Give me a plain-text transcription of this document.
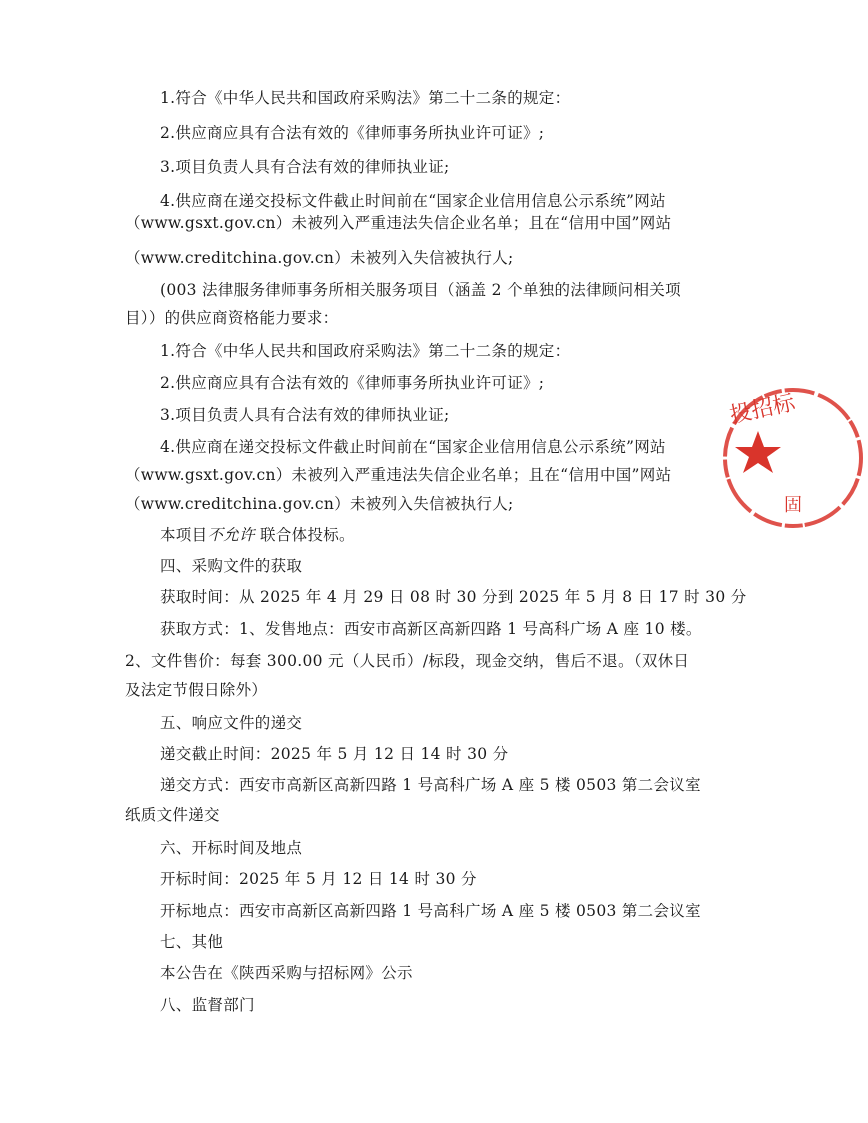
1.符合《中华人民共和国政府采购法》第二十二条的规定：
2.供应商应具有合法有效的《律师事务所执业许可证》;
3.项目负责人具有合法有效的律师执业证;
4.供应商在递交投标文件截止时间前在“国家企业信用信息公示系统”网站
（www.gsxt.gov.cn）未被列入严重违法失信企业名单；且在“信用中国”网站
（www.creditchina.gov.cn）未被列入失信被执行人;
(003 法律服务律师事务所相关服务项目（涵盖 2 个单独的法律顾问相关项
目））的供应商资格能力要求：
1.符合《中华人民共和国政府采购法》第二十二条的规定：
2.供应商应具有合法有效的《律师事务所执业许可证》;
3.项目负责人具有合法有效的律师执业证;
4.供应商在递交投标文件截止时间前在“国家企业信用信息公示系统”网站
（www.gsxt.gov.cn）未被列入严重违法失信企业名单；且在“信用中国”网站
（www.creditchina.gov.cn）未被列入失信被执行人;
本项目不允许 联合体投标。
四、采购文件的获取
获取时间：从 2025 年 4 月 29 日 08 时 30 分到 2025 年 5 月 8 日 17 时 30 分
获取方式：1、发售地点：西安市高新区高新四路 1 号高科广场 A 座 10 楼。
2、文件售价：每套 300.00 元（人民币）/标段，现金交纳，售后不退。（双休日
及法定节假日除外）
五、响应文件的递交
递交截止时间：2025 年 5 月 12 日 14 时 30 分
递交方式：西安市高新区高新四路 1 号高科广场 A 座 5 楼 0503 第二会议室
纸质文件递交
六、开标时间及地点
开标时间：2025 年 5 月 12 日 14 时 30 分
开标地点：西安市高新区高新四路 1 号高科广场 A 座 5 楼 0503 第二会议室
七、其他
本公告在《陕西采购与招标网》公示
八、监督部门
投招标
固
